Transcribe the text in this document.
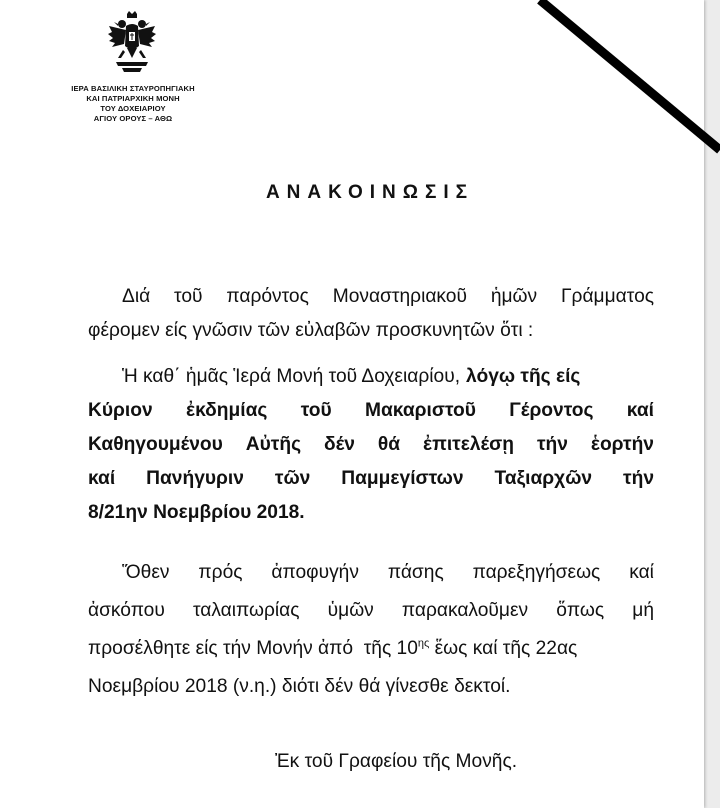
ΙΕΡΑ ΒΑΣΙΛΙΚΗ ΣΤΑΥΡΟΠΗΓΙΑΚΗ
ΚΑΙ ΠΑΤΡΙΑΡΧΙΚΗ ΜΟΝΗ
ΤΟΥ ΔΟΧΕΙΑΡΙΟΥ
ΑΓΙΟΥ ΟΡΟΥΣ – ΑΘΩ
ΑΝΑΚΟΙΝΩΣΙΣ
Διά τοῦ παρόντος Μοναστηριακοῦ ἡμῶν Γράμματος
φέρομεν είς γνῶσιν τῶν εὐλαβῶν προσκυνητῶν ὅτι :
Ἡ καθ΄ ἡμᾶς Ἱερά Μονή τοῦ Δοχειαρίου, λόγῳ τῆς είς
Κύριον ἐκδημίας τοῦ Μακαριστοῦ Γέροντος καί
Καθηγουμένου Αὐτῆς δέν θά ἐπιτελέσῃ τήν ἑορτήν
καί Πανήγυριν τῶν Παμμεγίστων Ταξιαρχῶν τήν
8/21ην Νοεμβρίου 2018.
Ὅθεν πρός ἀποφυγήν πάσης παρεξηγήσεως καί
ἀσκόπου ταλαιπωρίας ὑμῶν παρακαλοῦμεν ὅπως μή
προσέλθητε είς τήν Μονήν ἀπό  τῆς $10^{\eta\varsigma}$ ἕως καί τῆς 22ας
Νοεμβρίου 2018 (ν.η.) διότι δέν θά γίνεσθε δεκτοί.
Ἐκ τοῦ Γραφείου τῆς Μονῆς.
